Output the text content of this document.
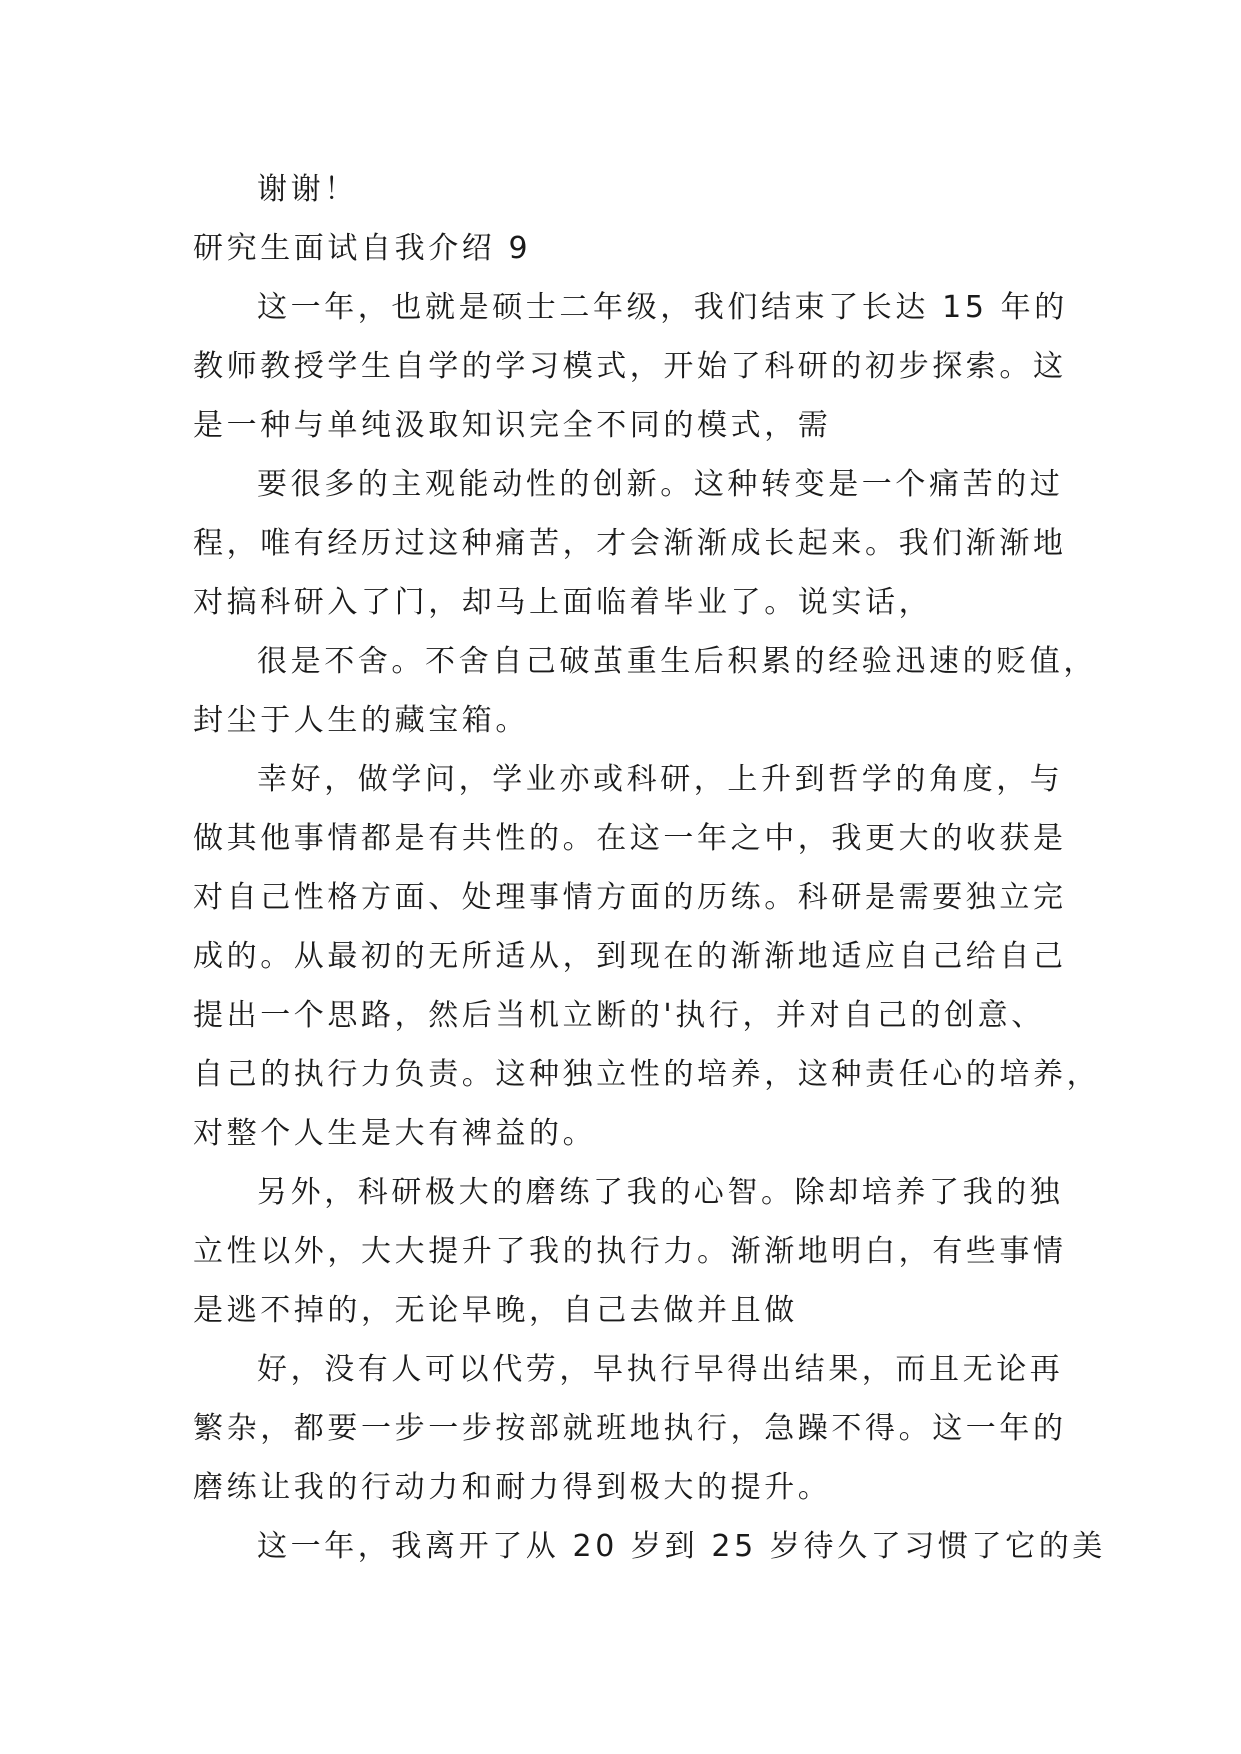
谢谢！
研究生面试自我介绍 9
这一年，也就是硕士二年级，我们结束了长达 15 年的
教师教授学生自学的学习模式，开始了科研的初步探索。这
是一种与单纯汲取知识完全不同的模式，需
要很多的主观能动性的创新。这种转变是一个痛苦的过
程，唯有经历过这种痛苦，才会渐渐成长起来。我们渐渐地
对搞科研入了门，却马上面临着毕业了。说实话，
很是不舍。不舍自己破茧重生后积累的经验迅速的贬值，
封尘于人生的藏宝箱。
幸好，做学问，学业亦或科研，上升到哲学的角度，与
做其他事情都是有共性的。在这一年之中，我更大的收获是
对自己性格方面、处理事情方面的历练。科研是需要独立完
成的。从最初的无所适从，到现在的渐渐地适应自己给自己
提出一个思路，然后当机立断的'执行，并对自己的创意、
自己的执行力负责。这种独立性的培养，这种责任心的培养，
对整个人生是大有裨益的。
另外，科研极大的磨练了我的心智。除却培养了我的独
立性以外，大大提升了我的执行力。渐渐地明白，有些事情
是逃不掉的，无论早晚，自己去做并且做
好，没有人可以代劳，早执行早得出结果，而且无论再
繁杂，都要一步一步按部就班地执行，急躁不得。这一年的
磨练让我的行动力和耐力得到极大的提升。
这一年，我离开了从 20 岁到 25 岁待久了习惯了它的美
